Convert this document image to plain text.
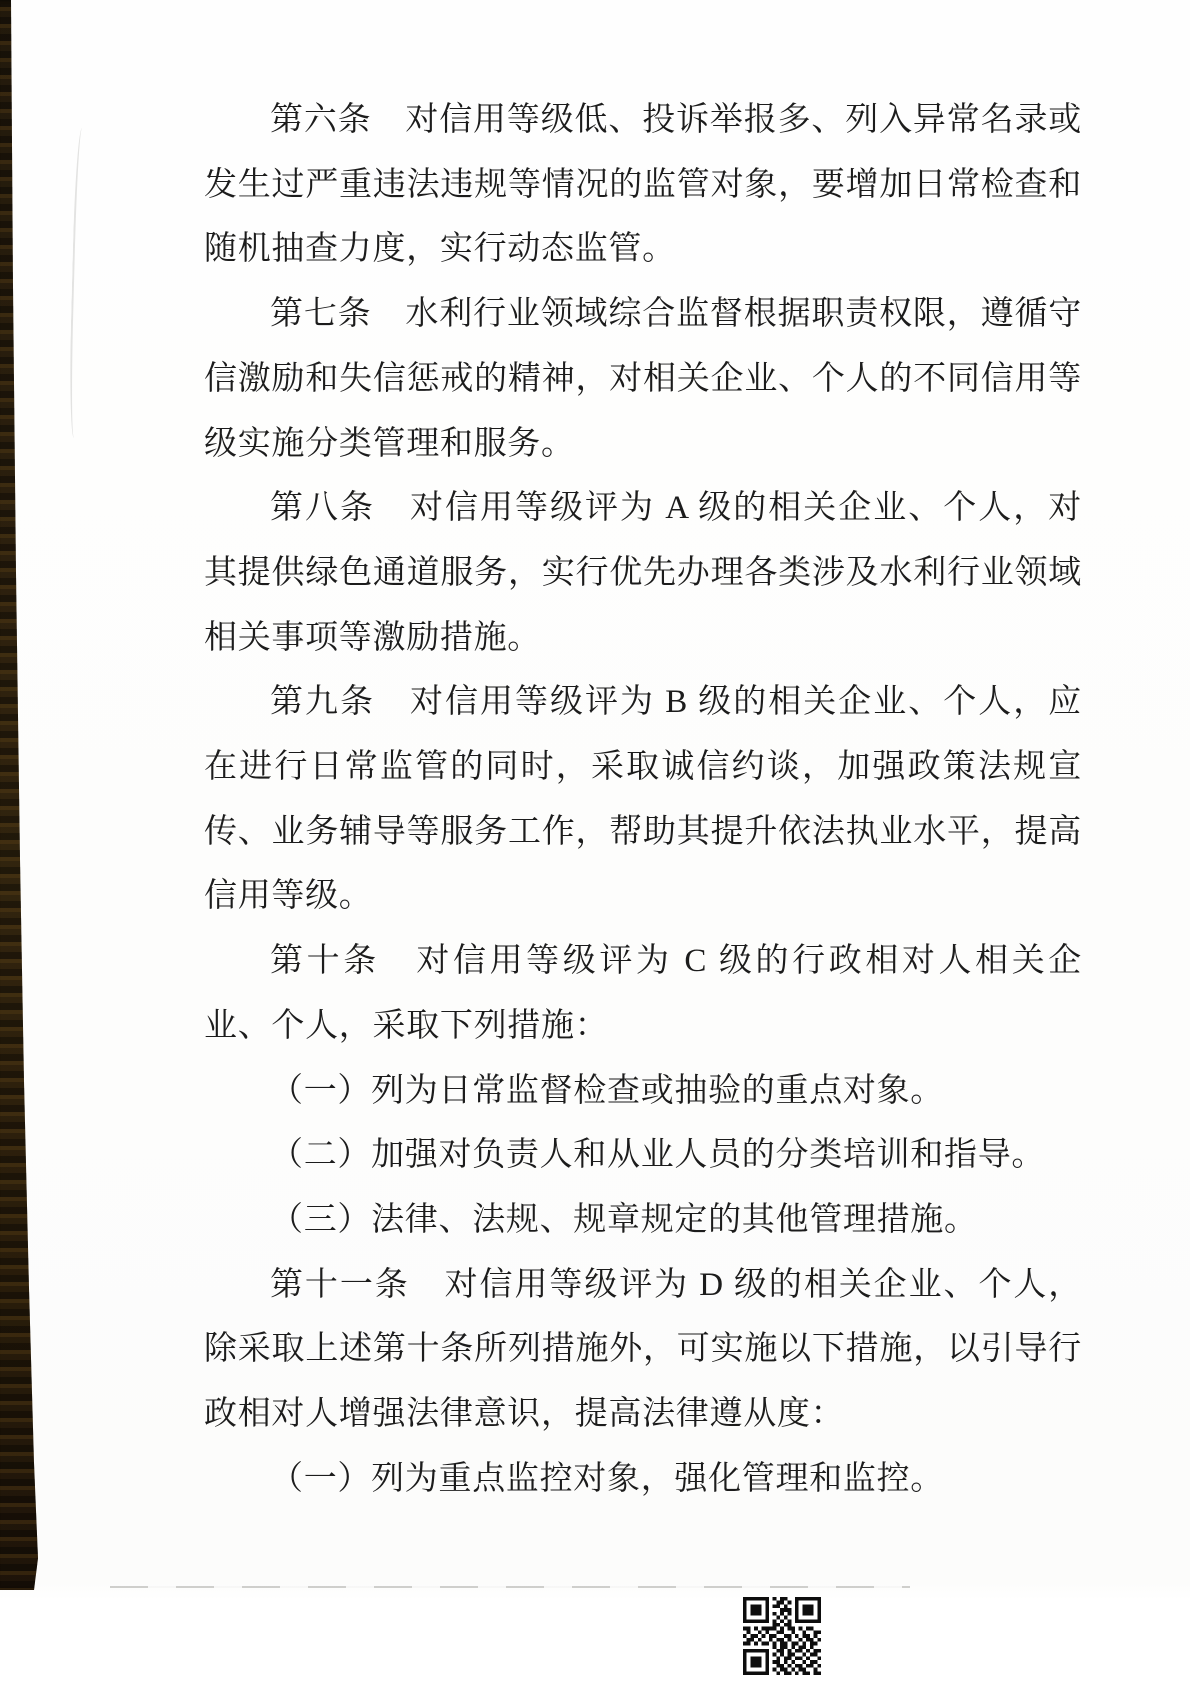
第六条　对信用等级低、投诉举报多、列入异常名录或发生过严重违法违规等情况的监管对象，要增加日常检查和随机抽查力度，实行动态监管。

第七条　水利行业领域综合监督根据职责权限，遵循守信激励和失信惩戒的精神，对相关企业、个人的不同信用等级实施分类管理和服务。

第八条　对信用等级评为 A 级的相关企业、个人，对其提供绿色通道服务，实行优先办理各类涉及水利行业领域相关事项等激励措施。

第九条　对信用等级评为 B 级的相关企业、个人，应在进行日常监管的同时，采取诚信约谈，加强政策法规宣传、业务辅导等服务工作，帮助其提升依法执业水平，提高信用等级。

第十条　对信用等级评为 C 级的行政相对人相关企业、个人，采取下列措施：

（一）列为日常监督检查或抽验的重点对象。

（二）加强对负责人和从业人员的分类培训和指导。

（三）法律、法规、规章规定的其他管理措施。

第十一条　对信用等级评为 D 级的相关企业、个人，除采取上述第十条所列措施外，可实施以下措施，以引导行政相对人增强法律意识，提高法律遵从度：

（一）列为重点监控对象，强化管理和监控。
